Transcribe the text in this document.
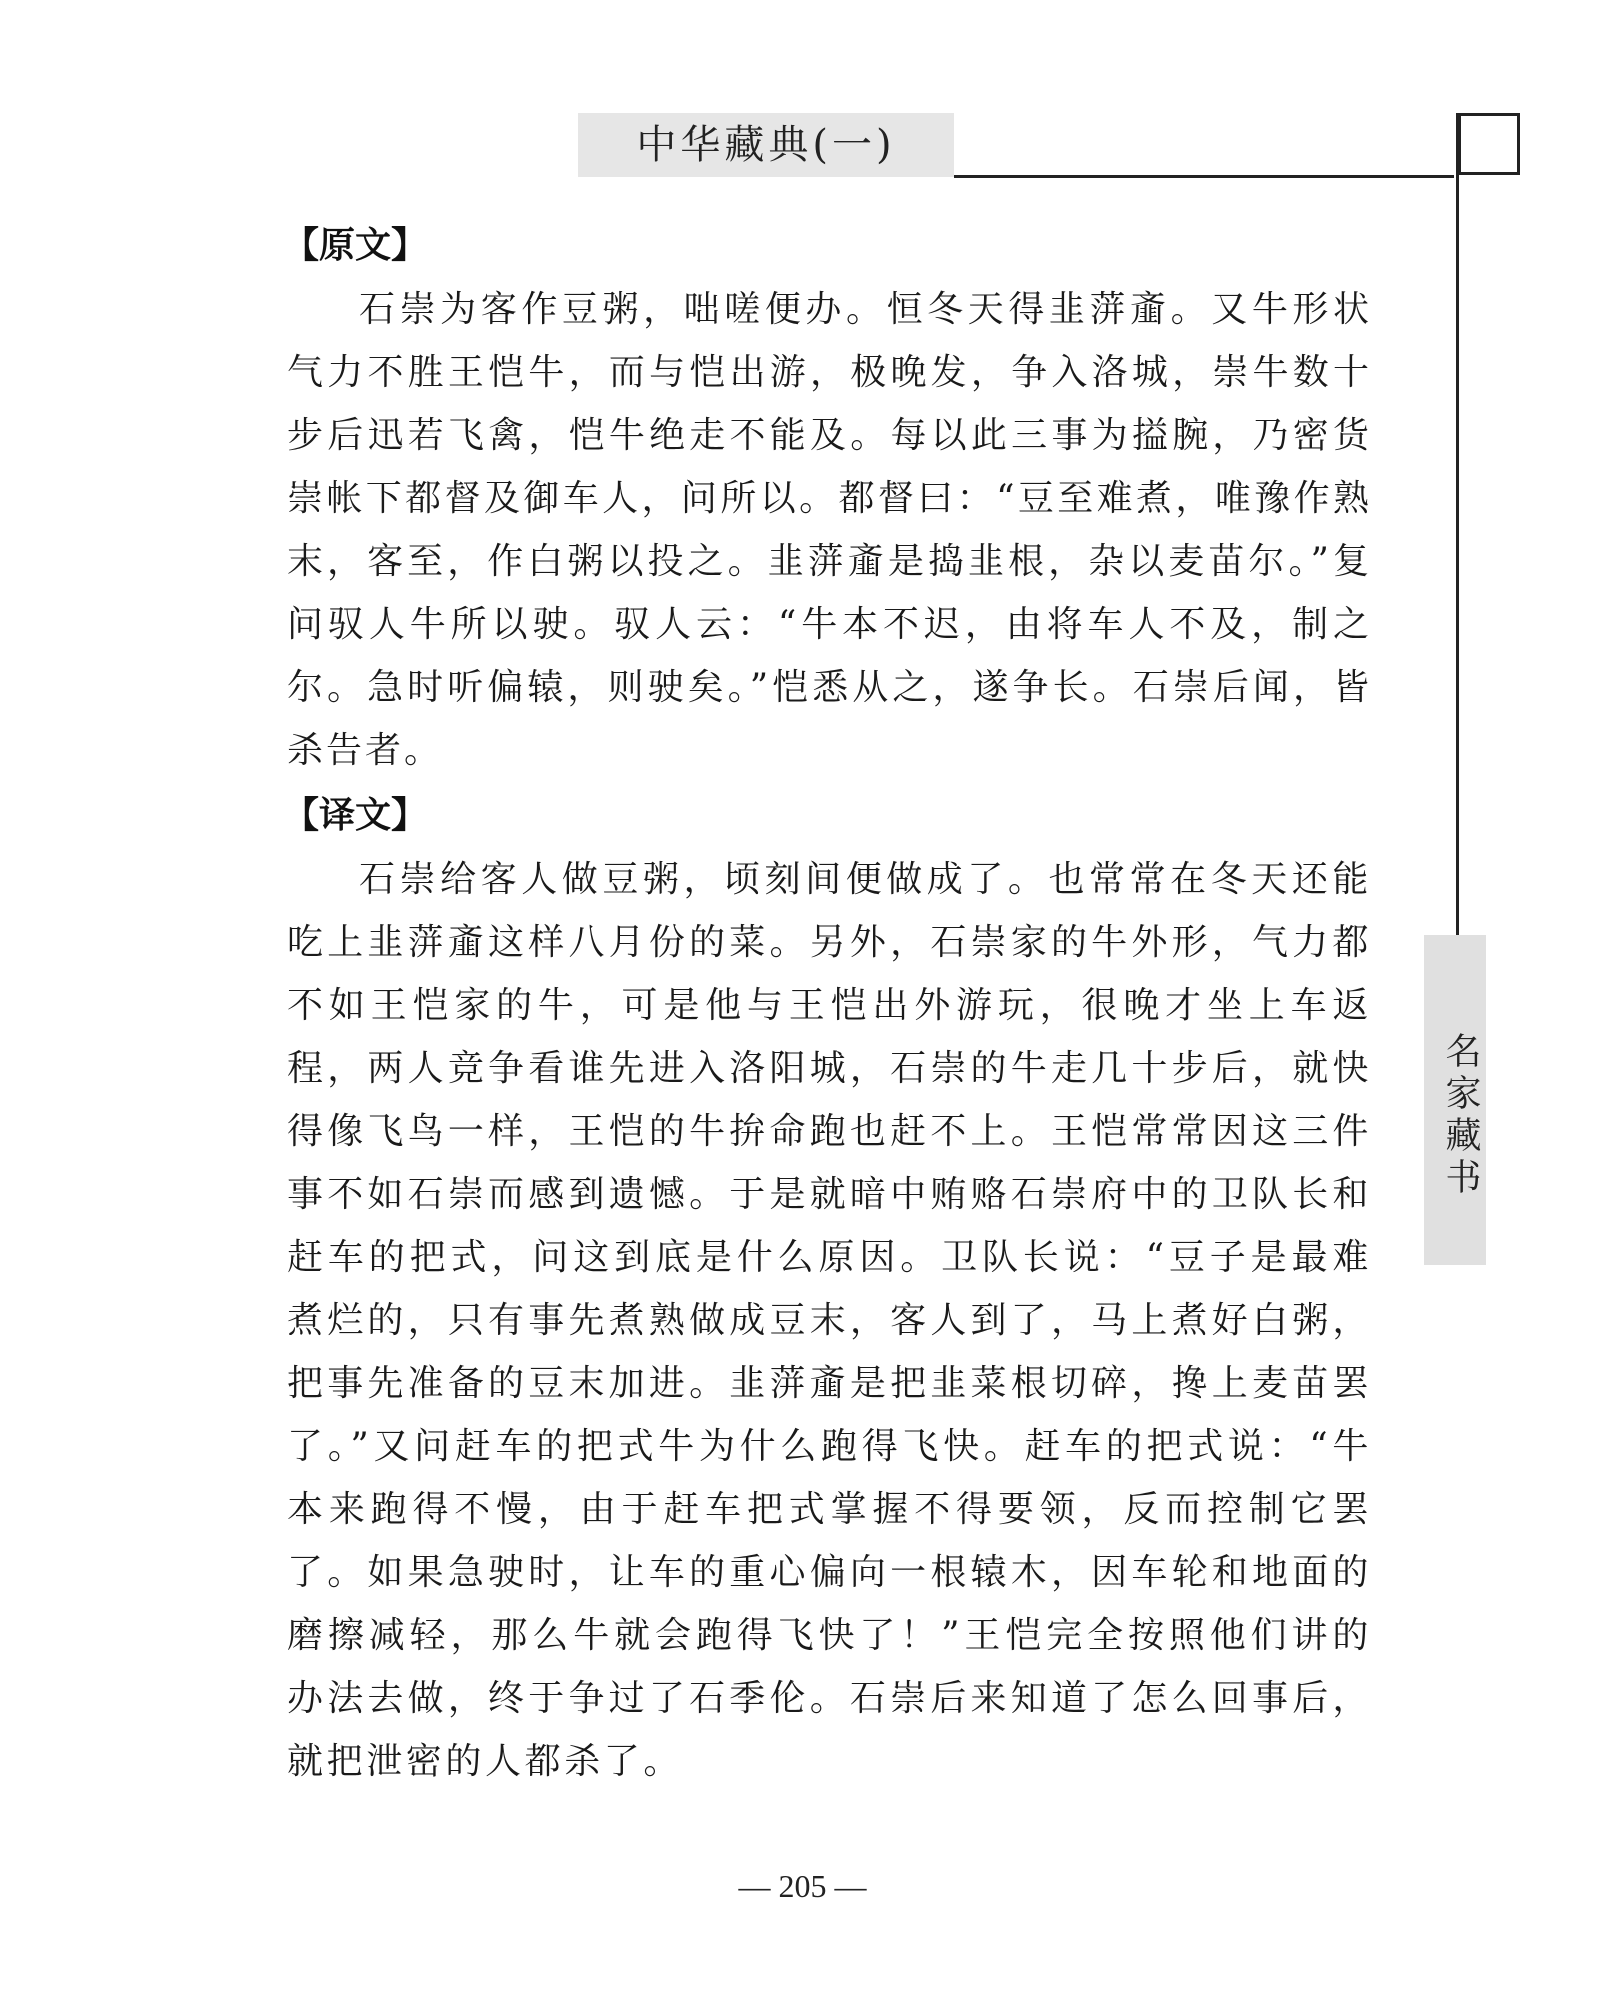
中华藏典(一)
名家藏书
【原文】

石崇为客作豆粥，咄嗟便办。恒冬天得韭蓱齑。又牛形状气力不胜王恺牛，而与恺出游，极晚发，争入洛城，崇牛数十步后迅若飞禽，恺牛绝走不能及。每以此三事为搤腕，乃密货崇帐下都督及御车人，问所以。都督曰：“豆至难煮，唯豫作熟末，客至，作白粥以投之。韭蓱齑是捣韭根，杂以麦苗尔。”复问驭人牛所以驶。驭人云：“牛本不迟，由将车人不及，制之尔。急时听偏辕，则驶矣。”恺悉从之，遂争长。石崇后闻，皆杀告者。

【译文】

石崇给客人做豆粥，顷刻间便做成了。也常常在冬天还能吃上韭蓱齑这样八月份的菜。另外，石崇家的牛外形，气力都不如王恺家的牛，可是他与王恺出外游玩，很晚才坐上车返程，两人竞争看谁先进入洛阳城，石崇的牛走几十步后，就快得像飞鸟一样，王恺的牛拚命跑也赶不上。王恺常常因这三件事不如石崇而感到遗憾。于是就暗中贿赂石崇府中的卫队长和赶车的把式，问这到底是什么原因。卫队长说：“豆子是最难煮烂的，只有事先煮熟做成豆末，客人到了，马上煮好白粥，把事先准备的豆末加进。韭蓱齑是把韭菜根切碎，搀上麦苗罢了。”又问赶车的把式牛为什么跑得飞快。赶车的把式说：“牛本来跑得不慢，由于赶车把式掌握不得要领，反而控制它罢了。如果急驶时，让车的重心偏向一根辕木，因车轮和地面的磨擦减轻，那么牛就会跑得飞快了！”王恺完全按照他们讲的办法去做，终于争过了石季伦。石崇后来知道了怎么回事后，就把泄密的人都杀了。

— 205 —
